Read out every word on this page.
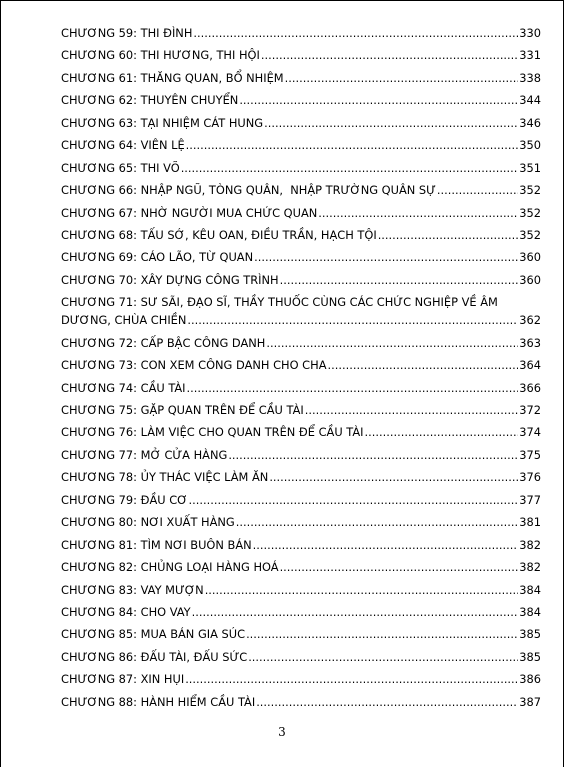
CHƯƠNG 59: THI ĐÌNH .....	330
CHƯƠNG 60: THI HƯƠNG, THI HỘI .....	331
CHƯƠNG 61: THĂNG QUAN, BỔ NHIỆM .....	338
CHƯƠNG 62: THUYÊN CHUYỂN .....	344
CHƯƠNG 63: TẠI NHIỆM CÁT HUNG .....	346
CHƯƠNG 64: VIÊN LỆ .....	350
CHƯƠNG 65: THI VÕ .....	351
CHƯƠNG 66: NHẬP NGŨ, TÒNG QUÂN,  NHẬP TRƯỜNG QUÂN SỰ .....	352
CHƯƠNG 67: NHỜ NGƯỜI MUA CHỨC QUAN .....	352
CHƯƠNG 68: TẤU SỚ, KÊU OAN, ĐIỀU TRẦN, HẠCH TỘI .....	352
CHƯƠNG 69: CÁO LÃO, TỪ QUAN .....	360
CHƯƠNG 70: XÂY DỰNG CÔNG TRÌNH .....	360
CHƯƠNG 71: SƯ SÃI, ĐẠO SĨ, THẦY THUỐC CÙNG CÁC CHỨC NGHIỆP VỀ ÂM
DƯƠNG, CHÙA CHIỀN .....	362
CHƯƠNG 72: CẤP BẬC CÔNG DANH .....	363
CHƯƠNG 73: CON XEM CÔNG DANH CHO CHA .....	364
CHƯƠNG 74: CẦU TÀI .....	366
CHƯƠNG 75: GẶP QUAN TRÊN ĐỂ CẦU TÀI .....	372
CHƯƠNG 76: LÀM VIỆC CHO QUAN TRÊN ĐỂ CẦU TÀI .....	374
CHƯƠNG 77: MỞ CỬA HÀNG .....	375
CHƯƠNG 78: ỦY THÁC VIỆC LÀM ĂN .....	376
CHƯƠNG 79: ĐẦU CƠ .....	377
CHƯƠNG 80: NƠI XUẤT HÀNG .....	381
CHƯƠNG 81: TÌM NƠI BUÔN BÁN .....	382
CHƯƠNG 82: CHỦNG LOẠI HÀNG HOÁ .....	382
CHƯƠNG 83: VAY MƯỢN .....	384
CHƯƠNG 84: CHO VAY .....	384
CHƯƠNG 85: MUA BÁN GIA SÚC .....	385
CHƯƠNG 86: ĐẤU TÀI, ĐẤU SỨC .....	385
CHƯƠNG 87: XIN HỤI .....	386
CHƯƠNG 88: HÀNH HIỂM CẦU TÀI .....	387
3
